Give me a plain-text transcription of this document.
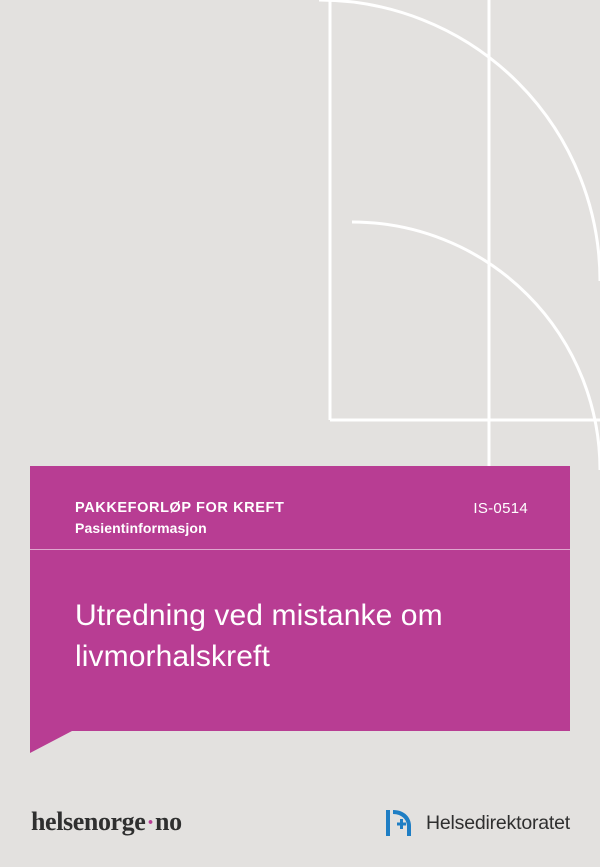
PAKKEFORLØP FOR KREFT
Pasientinformasjon
IS-0514
Utredning ved mistanke om livmorhalskreft
helsenorge·no	Helsedirektoratet
